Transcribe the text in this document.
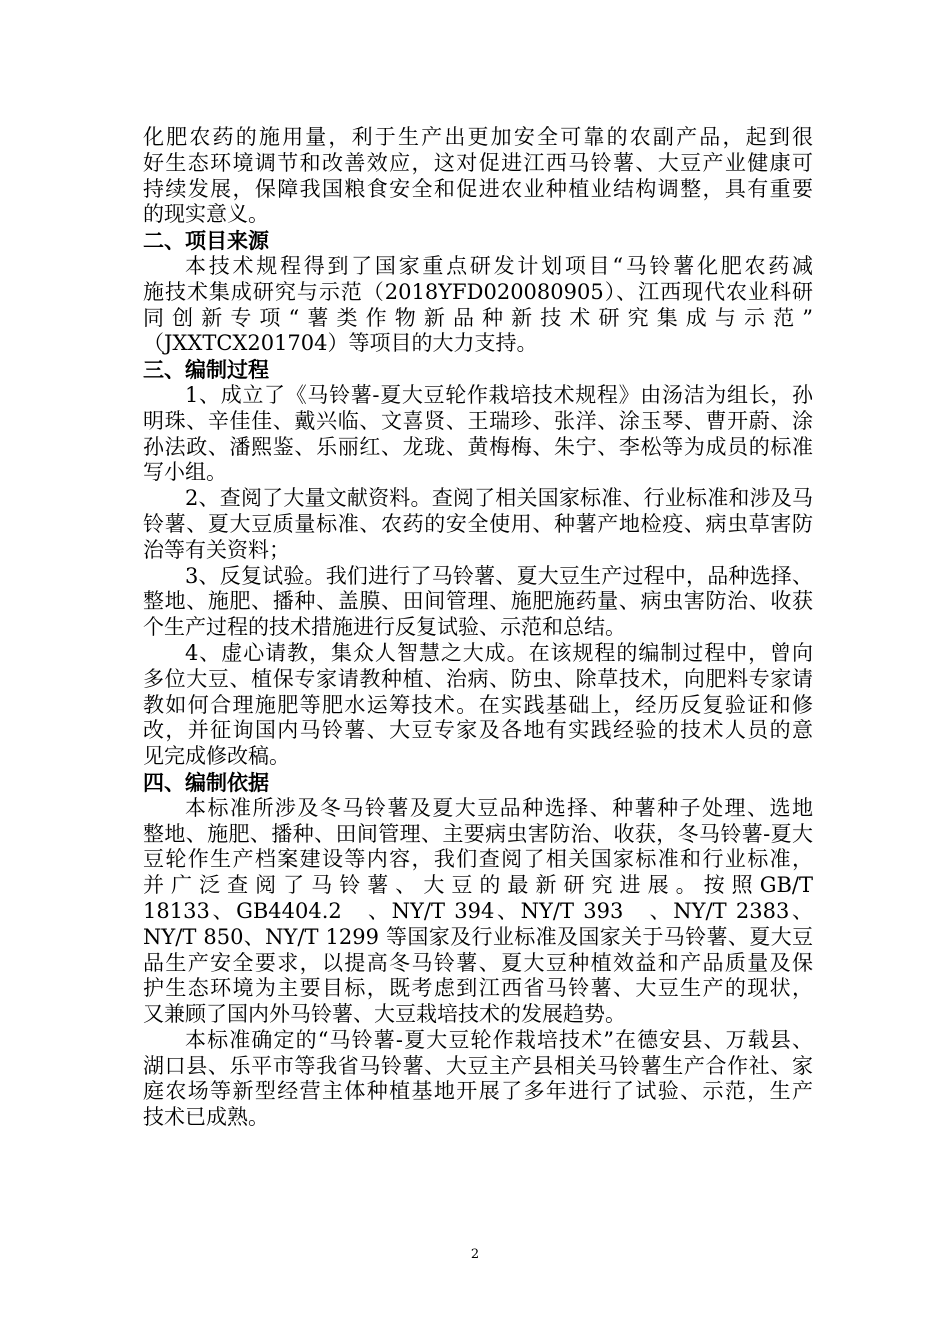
化肥农药的施用量，利于生产出更加安全可靠的农副产品，起到很
好生态环境调节和改善效应，这对促进江西马铃薯、大豆产业健康可
持续发展，保障我国粮食安全和促进农业种植业结构调整，具有重要
的现实意义。
二、项目来源
本技术规程得到了国家重点研发计划项目“马铃薯化肥农药减
施技术集成研究与示范（2018YFD020080905）、江西现代农业科研
同创新专项“薯类作物新品种新技术研究集成与示范”
（JXXTCX201704）等项目的大力支持。
三、编制过程
1、成立了《马铃薯-夏大豆轮作栽培技术规程》由汤洁为组长，孙
明珠、辛佳佳、戴兴临、文喜贤、王瑞珍、张洋、涂玉琴、曹开蔚、涂
孙法政、潘熙鉴、乐丽红、龙珑、黄梅梅、朱宁、李松等为成员的标准
写小组。
2、查阅了大量文献资料。查阅了相关国家标准、行业标准和涉及马
铃薯、夏大豆质量标准、农药的安全使用、种薯产地检疫、病虫草害防
治等有关资料；
3、反复试验。我们进行了马铃薯、夏大豆生产过程中，品种选择、
整地、施肥、播种、盖膜、田间管理、施肥施药量、病虫害防治、收获
个生产过程的技术措施进行反复试验、示范和总结。
4、虚心请教，集众人智慧之大成。在该规程的编制过程中，曾向
多位大豆、植保专家请教种植、治病、防虫、除草技术，向肥料专家请
教如何合理施肥等肥水运筹技术。在实践基础上，经历反复验证和修
改，并征询国内马铃薯、大豆专家及各地有实践经验的技术人员的意
见完成修改稿。
四、编制依据
本标准所涉及冬马铃薯及夏大豆品种选择、种薯种子处理、选地
整地、施肥、播种、田间管理、主要病虫害防治、收获，冬马铃薯-夏大
豆轮作生产档案建设等内容，我们查阅了相关国家标准和行业标准，
并广泛查阅了马铃薯、大豆的最新研究进展。按照GB/T
18133、GB4404.2　、NY/T 394、NY/T 393　、NY/T 2383、 　
NY/T 850、NY/T 1299 等国家及行业标准及国家关于马铃薯、夏大豆
品生产安全要求，以提高冬马铃薯、夏大豆种植效益和产品质量及保
护生态环境为主要目标，既考虑到江西省马铃薯、大豆生产的现状，
又兼顾了国内外马铃薯、大豆栽培技术的发展趋势。
本标准确定的“马铃薯-夏大豆轮作栽培技术”在德安县、万载县、
湖口县、乐平市等我省马铃薯、大豆主产县相关马铃薯生产合作社、家
庭农场等新型经营主体种植基地开展了多年进行了试验、示范，生产
技术已成熟。
2
